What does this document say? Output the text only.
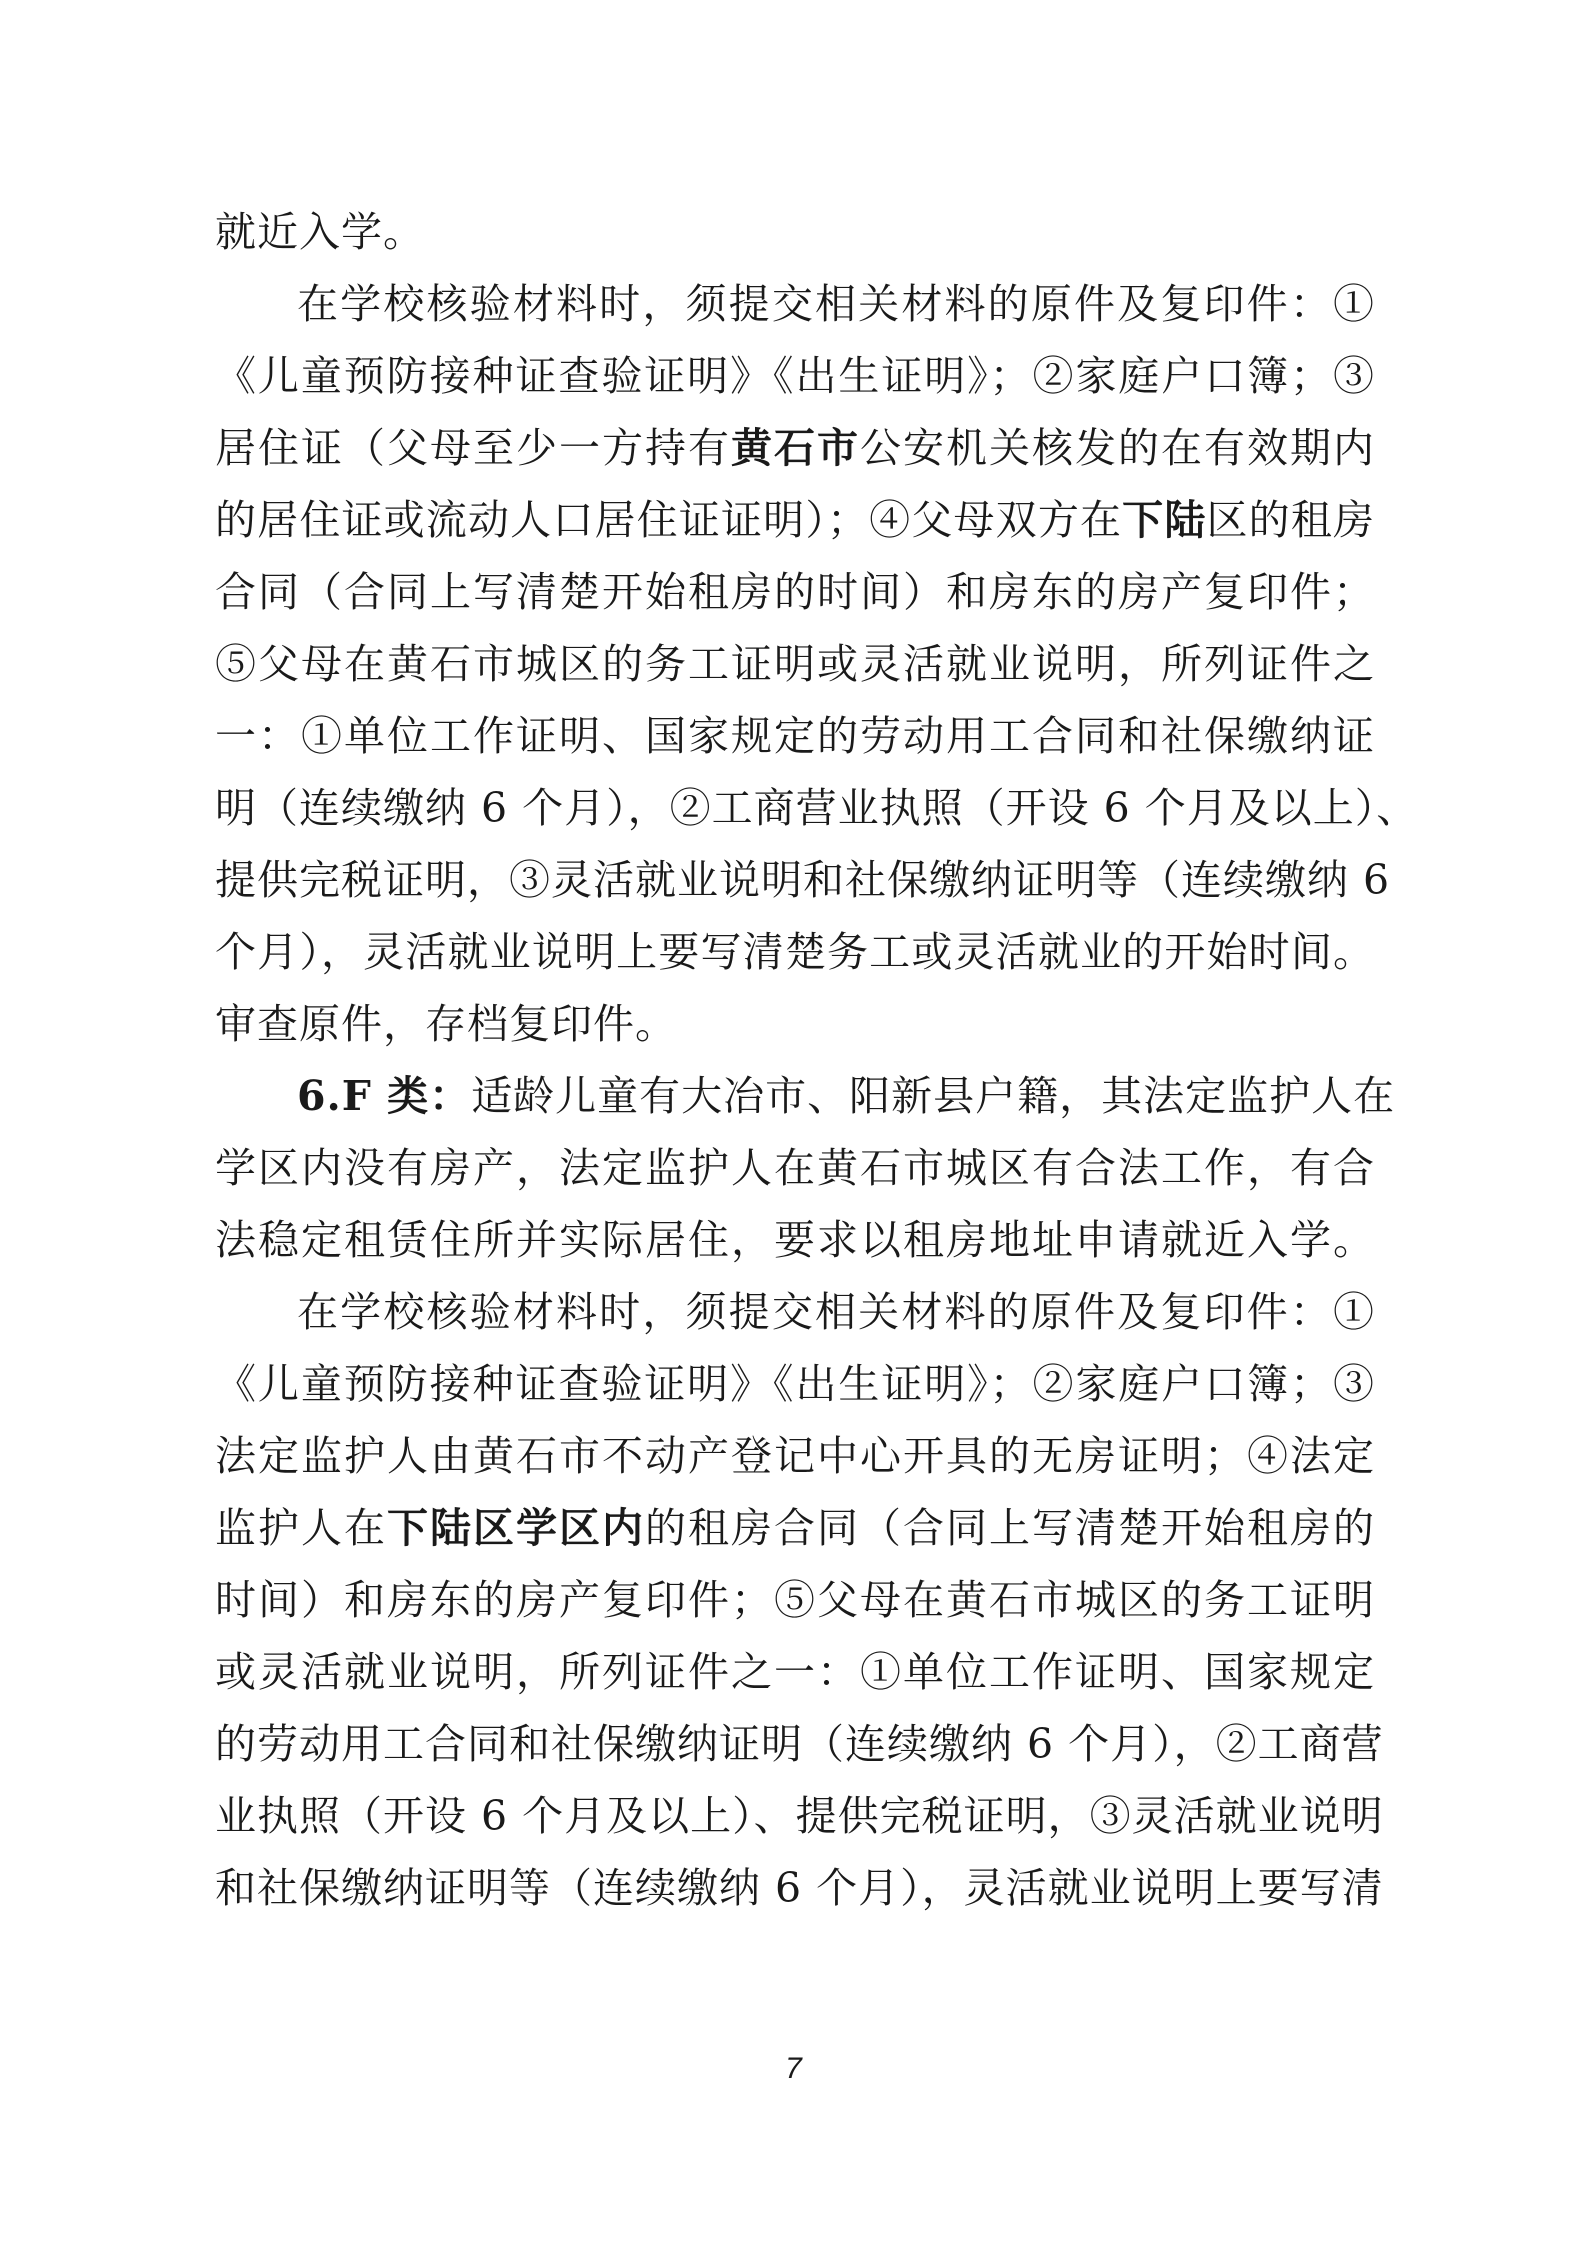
就近入学。
在学校核验材料时，须提交相关材料的原件及复印件：①
《儿童预防接种证查验证明》《出生证明》；②家庭户口簿；③
居住证（父母至少一方持有黄石市公安机关核发的在有效期内
的居住证或流动人口居住证证明）；④父母双方在下陆区的租房
合同（合同上写清楚开始租房的时间）和房东的房产复印件；
⑤父母在黄石市城区的务工证明或灵活就业说明，所列证件之
一：①单位工作证明、国家规定的劳动用工合同和社保缴纳证
明（连续缴纳 6 个月），②工商营业执照（开设 6 个月及以上）、
提供完税证明，③灵活就业说明和社保缴纳证明等（连续缴纳 6
个月），灵活就业说明上要写清楚务工或灵活就业的开始时间。
审查原件，存档复印件。
6.F 类：适龄儿童有大冶市、阳新县户籍，其法定监护人在
学区内没有房产，法定监护人在黄石市城区有合法工作，有合
法稳定租赁住所并实际居住，要求以租房地址申请就近入学。
在学校核验材料时，须提交相关材料的原件及复印件：①
《儿童预防接种证查验证明》《出生证明》；②家庭户口簿；③
法定监护人由黄石市不动产登记中心开具的无房证明；④法定
监护人在下陆区学区内的租房合同（合同上写清楚开始租房的
时间）和房东的房产复印件；⑤父母在黄石市城区的务工证明
或灵活就业说明，所列证件之一：①单位工作证明、国家规定
的劳动用工合同和社保缴纳证明（连续缴纳 6 个月），②工商营
业执照（开设 6 个月及以上）、提供完税证明，③灵活就业说明
和社保缴纳证明等（连续缴纳 6 个月），灵活就业说明上要写清
7
